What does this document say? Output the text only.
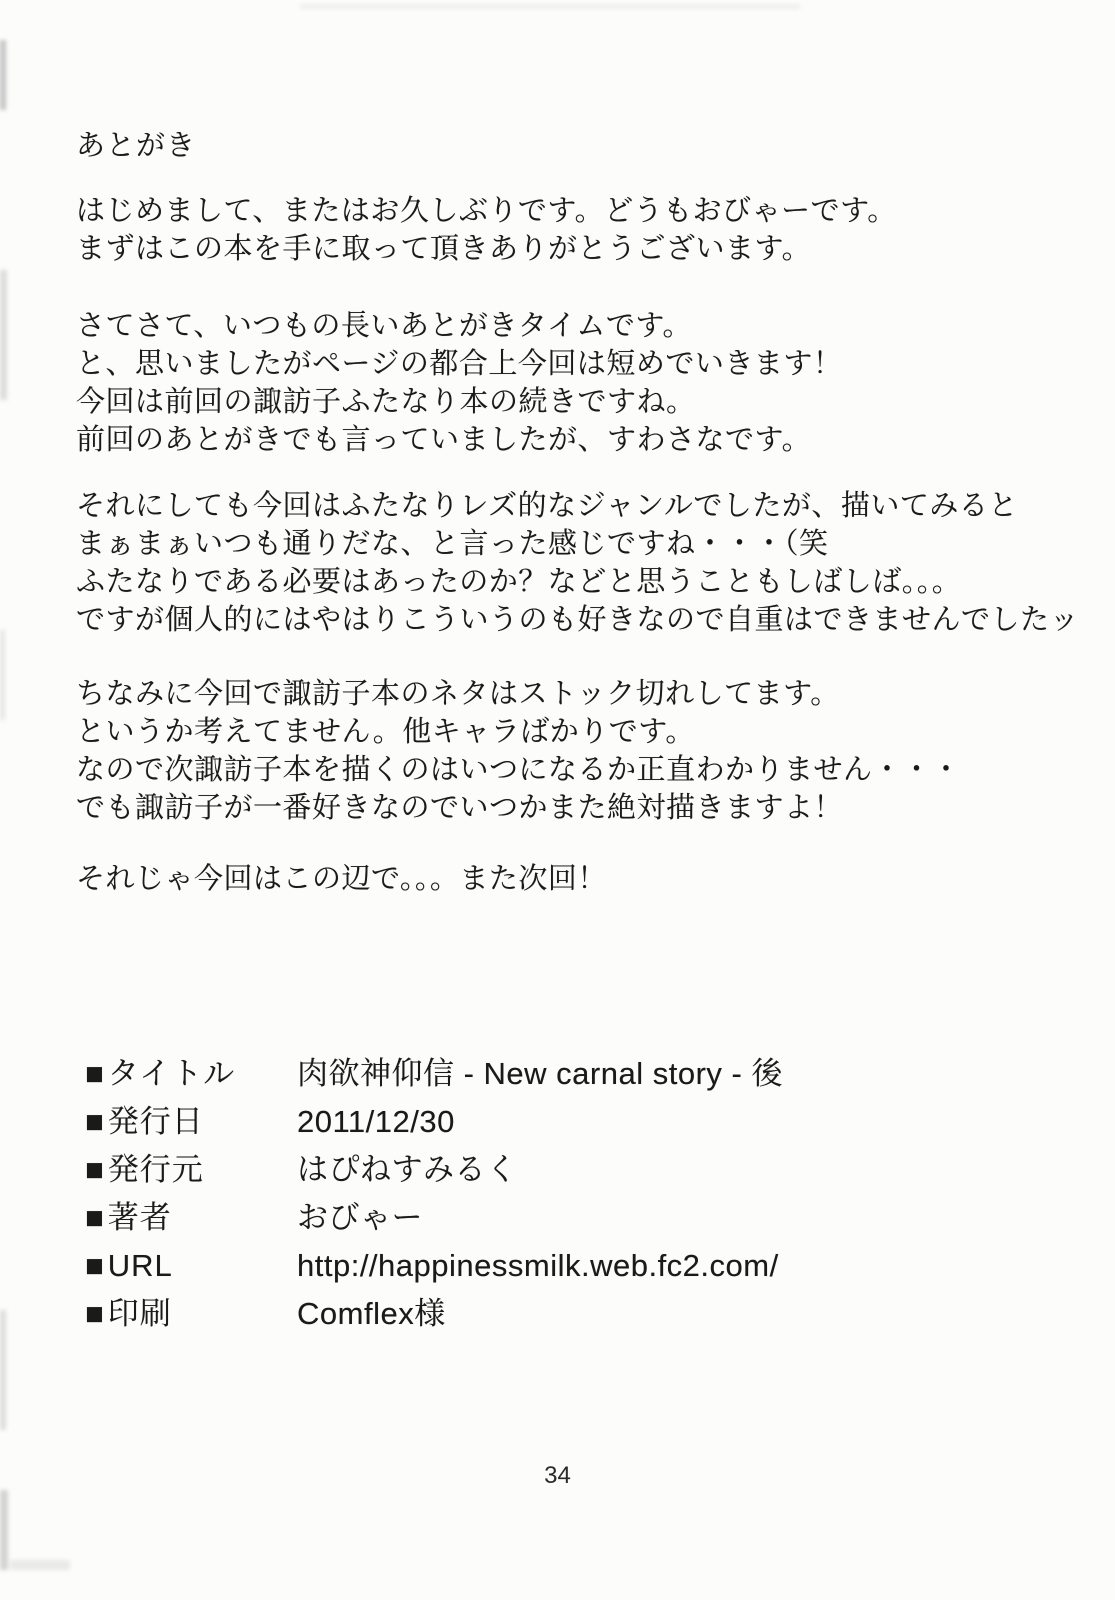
あとがき
はじめまして、またはお久しぶりです。どうもおびゃーです。
まずはこの本を手に取って頂きありがとうございます。
さてさて、いつもの長いあとがきタイムです。
と、思いましたがページの都合上今回は短めでいきます！
今回は前回の諏訪子ふたなり本の続きですね。
前回のあとがきでも言っていましたが、すわさなです。
それにしても今回はふたなりレズ的なジャンルでしたが、描いてみると
まぁまぁいつも通りだな、と言った感じですね・・・（笑
ふたなりである必要はあったのか？などと思うこともしばしば。。。
ですが個人的にはやはりこういうのも好きなので自重はできませんでしたッ
ちなみに今回で諏訪子本のネタはストック切れしてます。
というか考えてません。他キャラばかりです。
なので次諏訪子本を描くのはいつになるか正直わかりません・・・
でも諏訪子が一番好きなのでいつかまた絶対描きますよ！
それじゃ今回はこの辺で。。。また次回！
■タイトル	肉欲神仰信 - New carnal story - 後
■発行日	2011/12/30
■発行元	はぴねすみるく
■著者	おびゃー
■URL	http://happinessmilk.web.fc2.com/
■印刷	Comflex様
34
